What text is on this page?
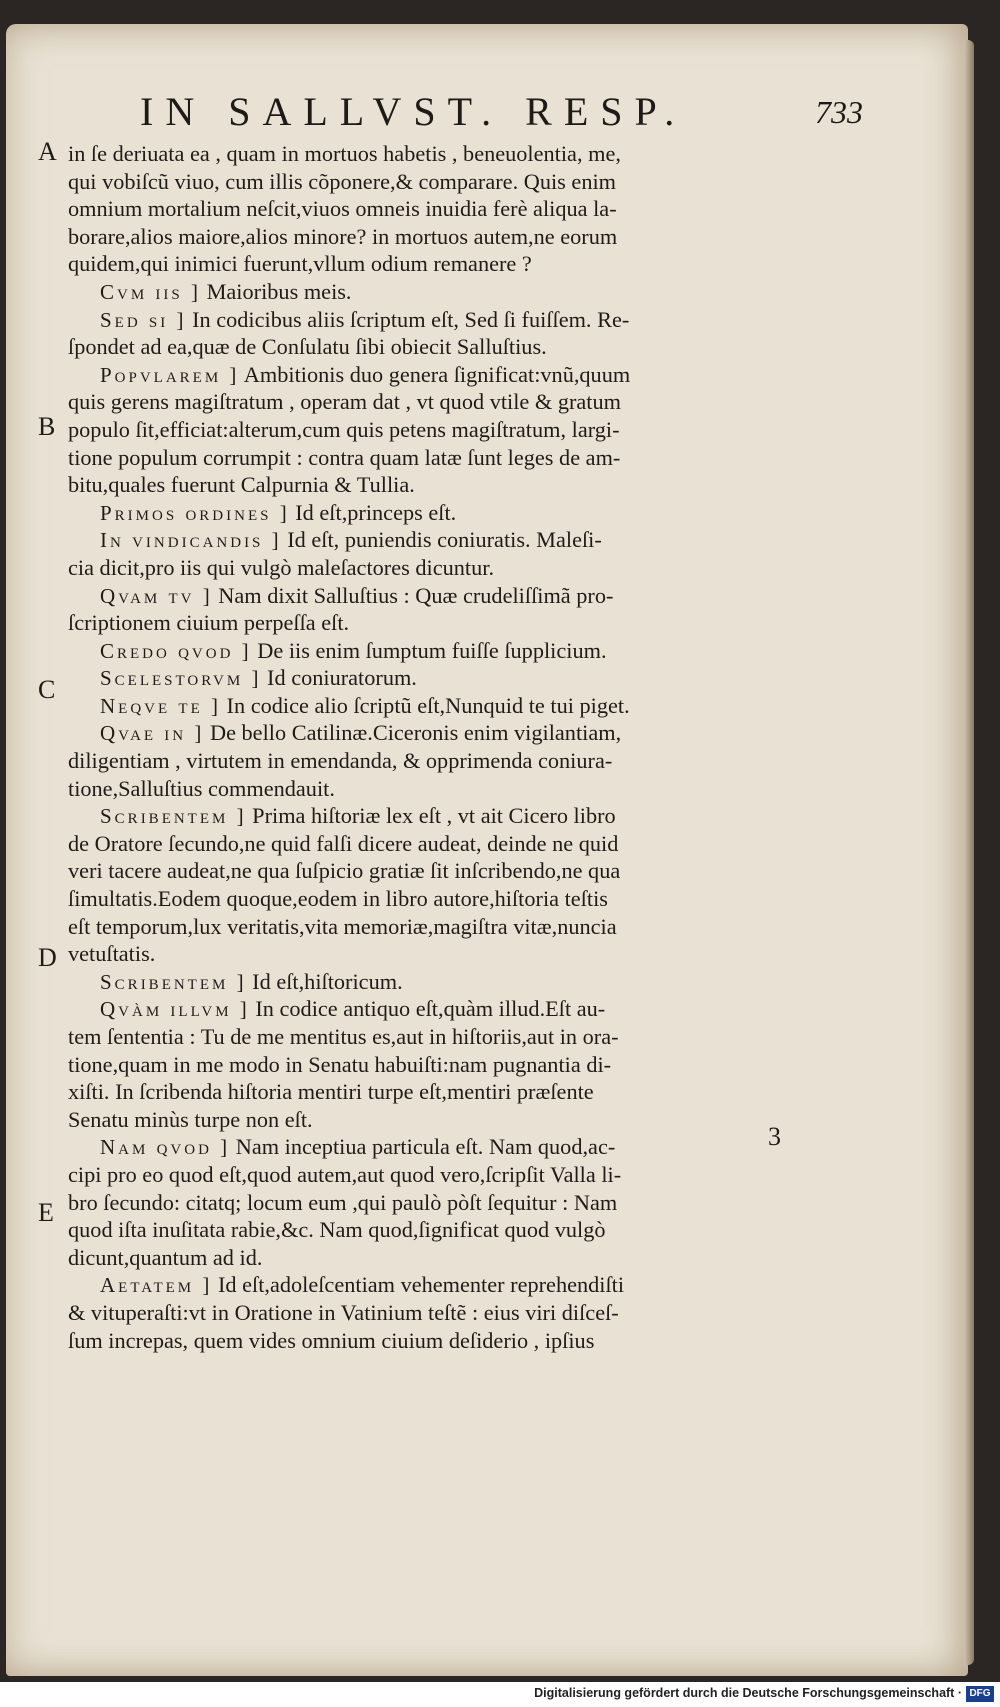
IN SALLVST. RESP.	733
A
B
C
D
E
3
in ſe deriuata ea , quam in mortuos habetis , beneuolentia, me,
qui vobiſcũ viuo, cum illis cõponere,& comparare. Quis enim
omnium mortalium neſcit,viuos omneis inuidia ferè aliqua la-
borare,alios maiore,alios minore? in mortuos autem,ne eorum
quidem,qui inimici fuerunt,vllum odium remanere ?
Cvm iis ] Maioribus meis.
Sed si ] In codicibus aliis ſcriptum eſt, Sed ſi fuiſſem. Re-
ſpondet ad ea,quæ de Conſulatu ſibi obiecit Salluſtius.
Popvlarem ] Ambitionis duo genera ſignificat:vnũ,quum
quis gerens magiſtratum , operam dat , vt quod vtile & gratum
populo ſit,efficiat:alterum,cum quis petens magiſtratum, largi-
tione populum corrumpit : contra quam latæ ſunt leges de am-
bitu,quales fuerunt Calpurnia & Tullia.
Primos ordines ] Id eſt,princeps eſt.
In vindicandis ] Id eſt, puniendis coniuratis. Maleſi-
cia dicit,pro iis qui vulgò maleſactores dicuntur.
Qvam tv ] Nam dixit Salluſtius : Quæ crudeliſſimã pro-
ſcriptionem ciuium perpeſſa eſt.
Credo qvod ] De iis enim ſumptum fuiſſe ſupplicium.
Scelestorvm ] Id coniuratorum.
Neqve te ] In codice alio ſcriptũ eſt,Nunquid te tui piget.
Qvae in ] De bello Catilinæ.Ciceronis enim vigilantiam,
diligentiam , virtutem in emendanda, & opprimenda coniura-
tione,Salluſtius commendauit.
Scribentem ] Prima hiſtoriæ lex eſt , vt ait Cicero libro
de Oratore ſecundo,ne quid falſi dicere audeat, deinde ne quid
veri tacere audeat,ne qua ſuſpicio gratiæ ſit inſcribendo,ne qua
ſimultatis.Eodem quoque,eodem in libro autore,hiſtoria teſtis
eſt temporum,lux veritatis,vita memoriæ,magiſtra vitæ,nuncia
vetuſtatis.
Scribentem ] Id eſt,hiſtoricum.
Qvàm illvm ] In codice antiquo eſt,quàm illud.Eſt au-
tem ſententia : Tu de me mentitus es,aut in hiſtoriis,aut in ora-
tione,quam in me modo in Senatu habuiſti:nam pugnantia di-
xiſti. In ſcribenda hiſtoria mentiri turpe eſt,mentiri præſente
Senatu minùs turpe non eſt.
Nam qvod ] Nam inceptiua particula eſt. Nam quod,ac-
cipi pro eo quod eſt,quod autem,aut quod vero,ſcripſit Valla li-
bro ſecundo: citatq; locum eum ,qui paulò pòſt ſequitur : Nam
quod iſta inuſitata rabie,&c. Nam quod,ſignificat quod vulgò
dicunt,quantum ad id.
Aetatem ] Id eſt,adoleſcentiam vehementer reprehendiſti
& vituperaſti:vt in Oratione in Vatinium teſtẽ : eius viri diſceſ-
ſum increpas, quem vides omnium ciuium deſiderio , ipſius
Digitalisierung gefördert durch die Deutsche Forschungsgemeinschaft · DFG
